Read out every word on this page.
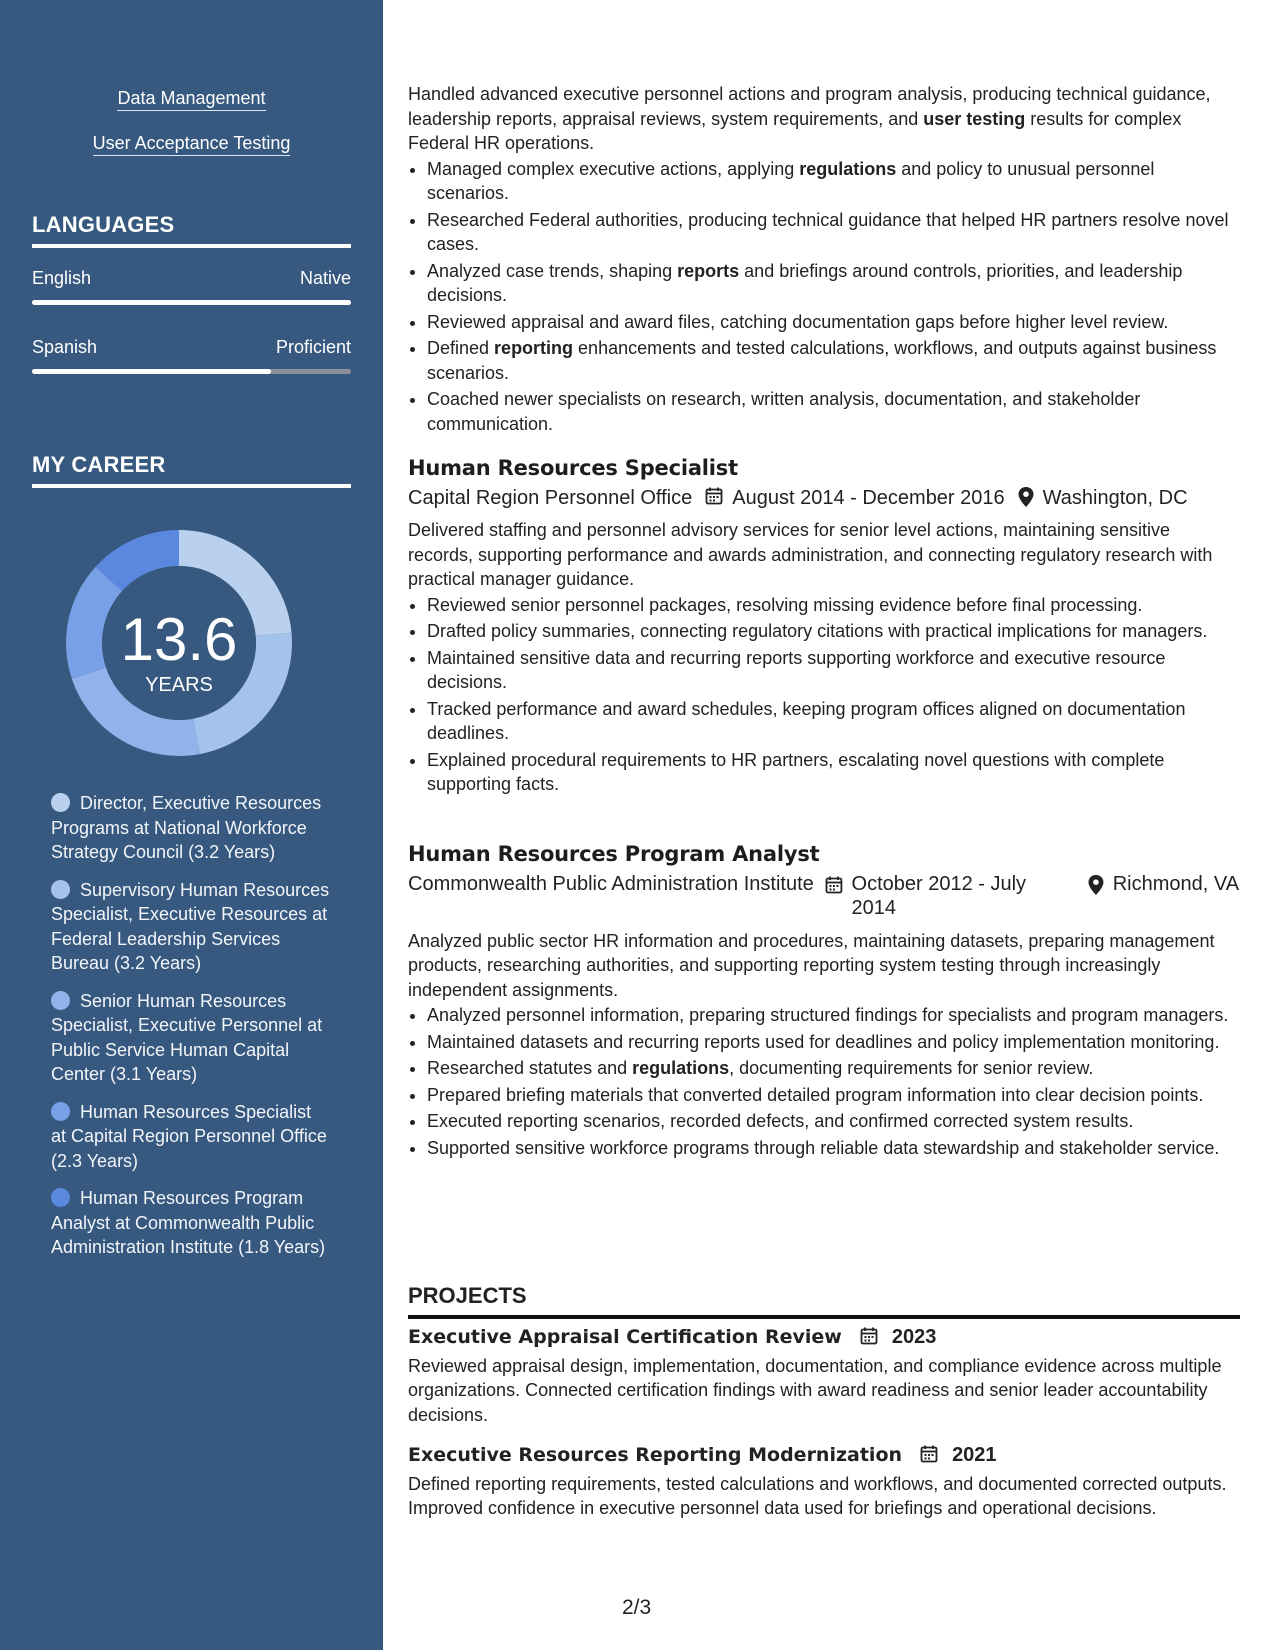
Data Management
User Acceptance Testing
LANGUAGES
English	Native
Spanish	Proficient
MY CAREER
13.6
YEARS
Director, Executive Resources Programs at National Workforce Strategy Council (3.2 Years)
Supervisory Human Resources Specialist, Executive Resources at Federal Leadership Services Bureau (3.2 Years)
Senior Human Resources Specialist, Executive Personnel at Public Service Human Capital Center (3.1 Years)
Human Resources Specialist at Capital Region Personnel Office (2.3 Years)
Human Resources Program Analyst at Commonwealth Public Administration Institute (1.8 Years)

Handled advanced executive personnel actions and program analysis, producing technical guidance, leadership reports, appraisal reviews, system requirements, and user testing results for complex Federal HR operations.

• Managed complex executive actions, applying regulations and policy to unusual personnel scenarios.
• Researched Federal authorities, producing technical guidance that helped HR partners resolve novel cases.
• Analyzed case trends, shaping reports and briefings around controls, priorities, and leadership decisions.
• Reviewed appraisal and award files, catching documentation gaps before higher level review.
• Defined reporting enhancements and tested calculations, workflows, and outputs against business scenarios.
• Coached newer specialists on research, written analysis, documentation, and stakeholder communication.
Human Resources Specialist
Capital Region Personnel Office August 2014 - December 2016 Washington, DC

Delivered staffing and personnel advisory services for senior level actions, maintaining sensitive records, supporting performance and awards administration, and connecting regulatory research with practical manager guidance.

• Reviewed senior personnel packages, resolving missing evidence before final processing.
• Drafted policy summaries, connecting regulatory citations with practical implications for managers.
• Maintained sensitive data and recurring reports supporting workforce and executive resource decisions.
• Tracked performance and award schedules, keeping program offices aligned on documentation deadlines.
• Explained procedural requirements to HR partners, escalating novel questions with complete supporting facts.
Human Resources Program Analyst
Commonwealth Public Administration Institute	October 2012 - July 2014
Richmond, VA

Analyzed public sector HR information and procedures, maintaining datasets, preparing management products, researching authorities, and supporting reporting system testing through increasingly independent assignments.

• Analyzed personnel information, preparing structured findings for specialists and program managers.
• Maintained datasets and recurring reports used for deadlines and policy implementation monitoring.
• Researched statutes and regulations, documenting requirements for senior review.
• Prepared briefing materials that converted detailed program information into clear decision points.
• Executed reporting scenarios, recorded defects, and confirmed corrected system results.
• Supported sensitive workforce programs through reliable data stewardship and stakeholder service.
PROJECTS
Executive Appraisal Certification Review	2023

Reviewed appraisal design, implementation, documentation, and compliance evidence across multiple organizations. Connected certification findings with award readiness and senior leader accountability decisions.

Executive Resources Reporting Modernization	2021

Defined reporting requirements, tested calculations and workflows, and documented corrected outputs. Improved confidence in executive personnel data used for briefings and operational decisions.

2/3
